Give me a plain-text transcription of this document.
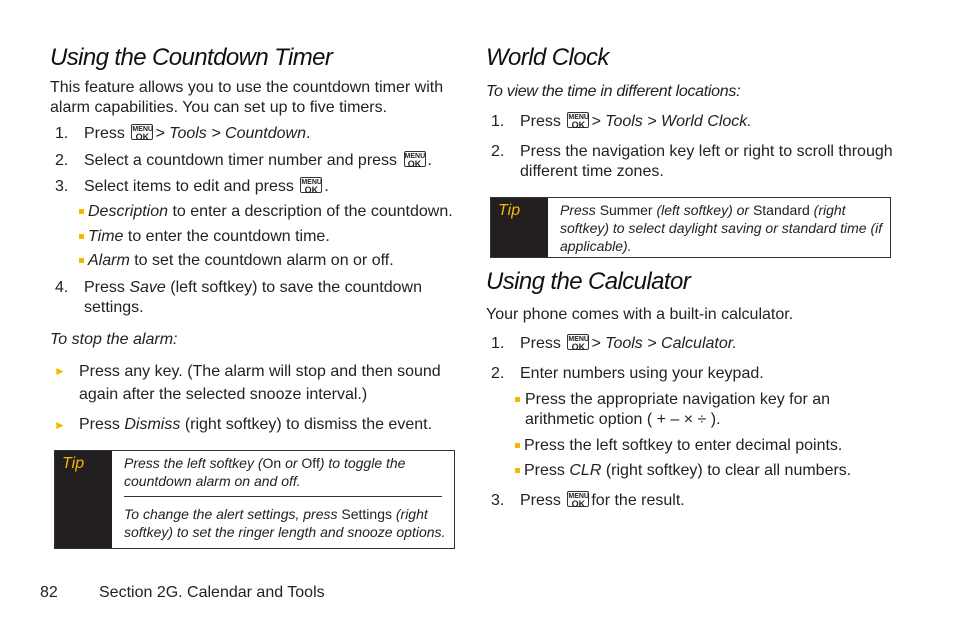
Using the Countdown Timer

This feature allows you to use the countdown timer with alarm capabilities. You can set up to five timers.

1. Press MENU
OK > Tools > Countdown.
2. Select a countdown timer number and press MENU
OK .
3. Select items to edit and press MENU
OK .
Description to enter a description of the countdown.
Time to enter the countdown time.
Alarm to set the countdown alarm on or off.
4. Press Save (left softkey) to save the countdown settings.

To stop the alarm:

► Press any key. (The alarm will stop and then sound again after the selected snooze interval.)
► Press Dismiss (right softkey) to dismiss the event.
Tip	Press the left softkey (On or Off) to toggle the countdown alarm on and off.
To change the alert settings, press Settings (right softkey) to set the ringer length and snooze options.
World Clock

To view the time in different locations:

1. Press MENU
OK > Tools > World Clock.
2. Press the navigation key left or right to scroll through different time zones.
Tip	Press Summer (left softkey) or Standard (right softkey) to select daylight saving or standard time (if applicable).
Using the Calculator

Your phone comes with a built-in calculator.

1. Press MENU
OK > Tools > Calculator.
2. Enter numbers using your keypad.
Press the appropriate navigation key for an arithmetic option ( + – × ÷ ).
Press the left softkey to enter decimal points.
Press CLR (right softkey) to clear all numbers.
3. Press MENU
OK for the result.
82	Section 2G. Calendar and Tools
